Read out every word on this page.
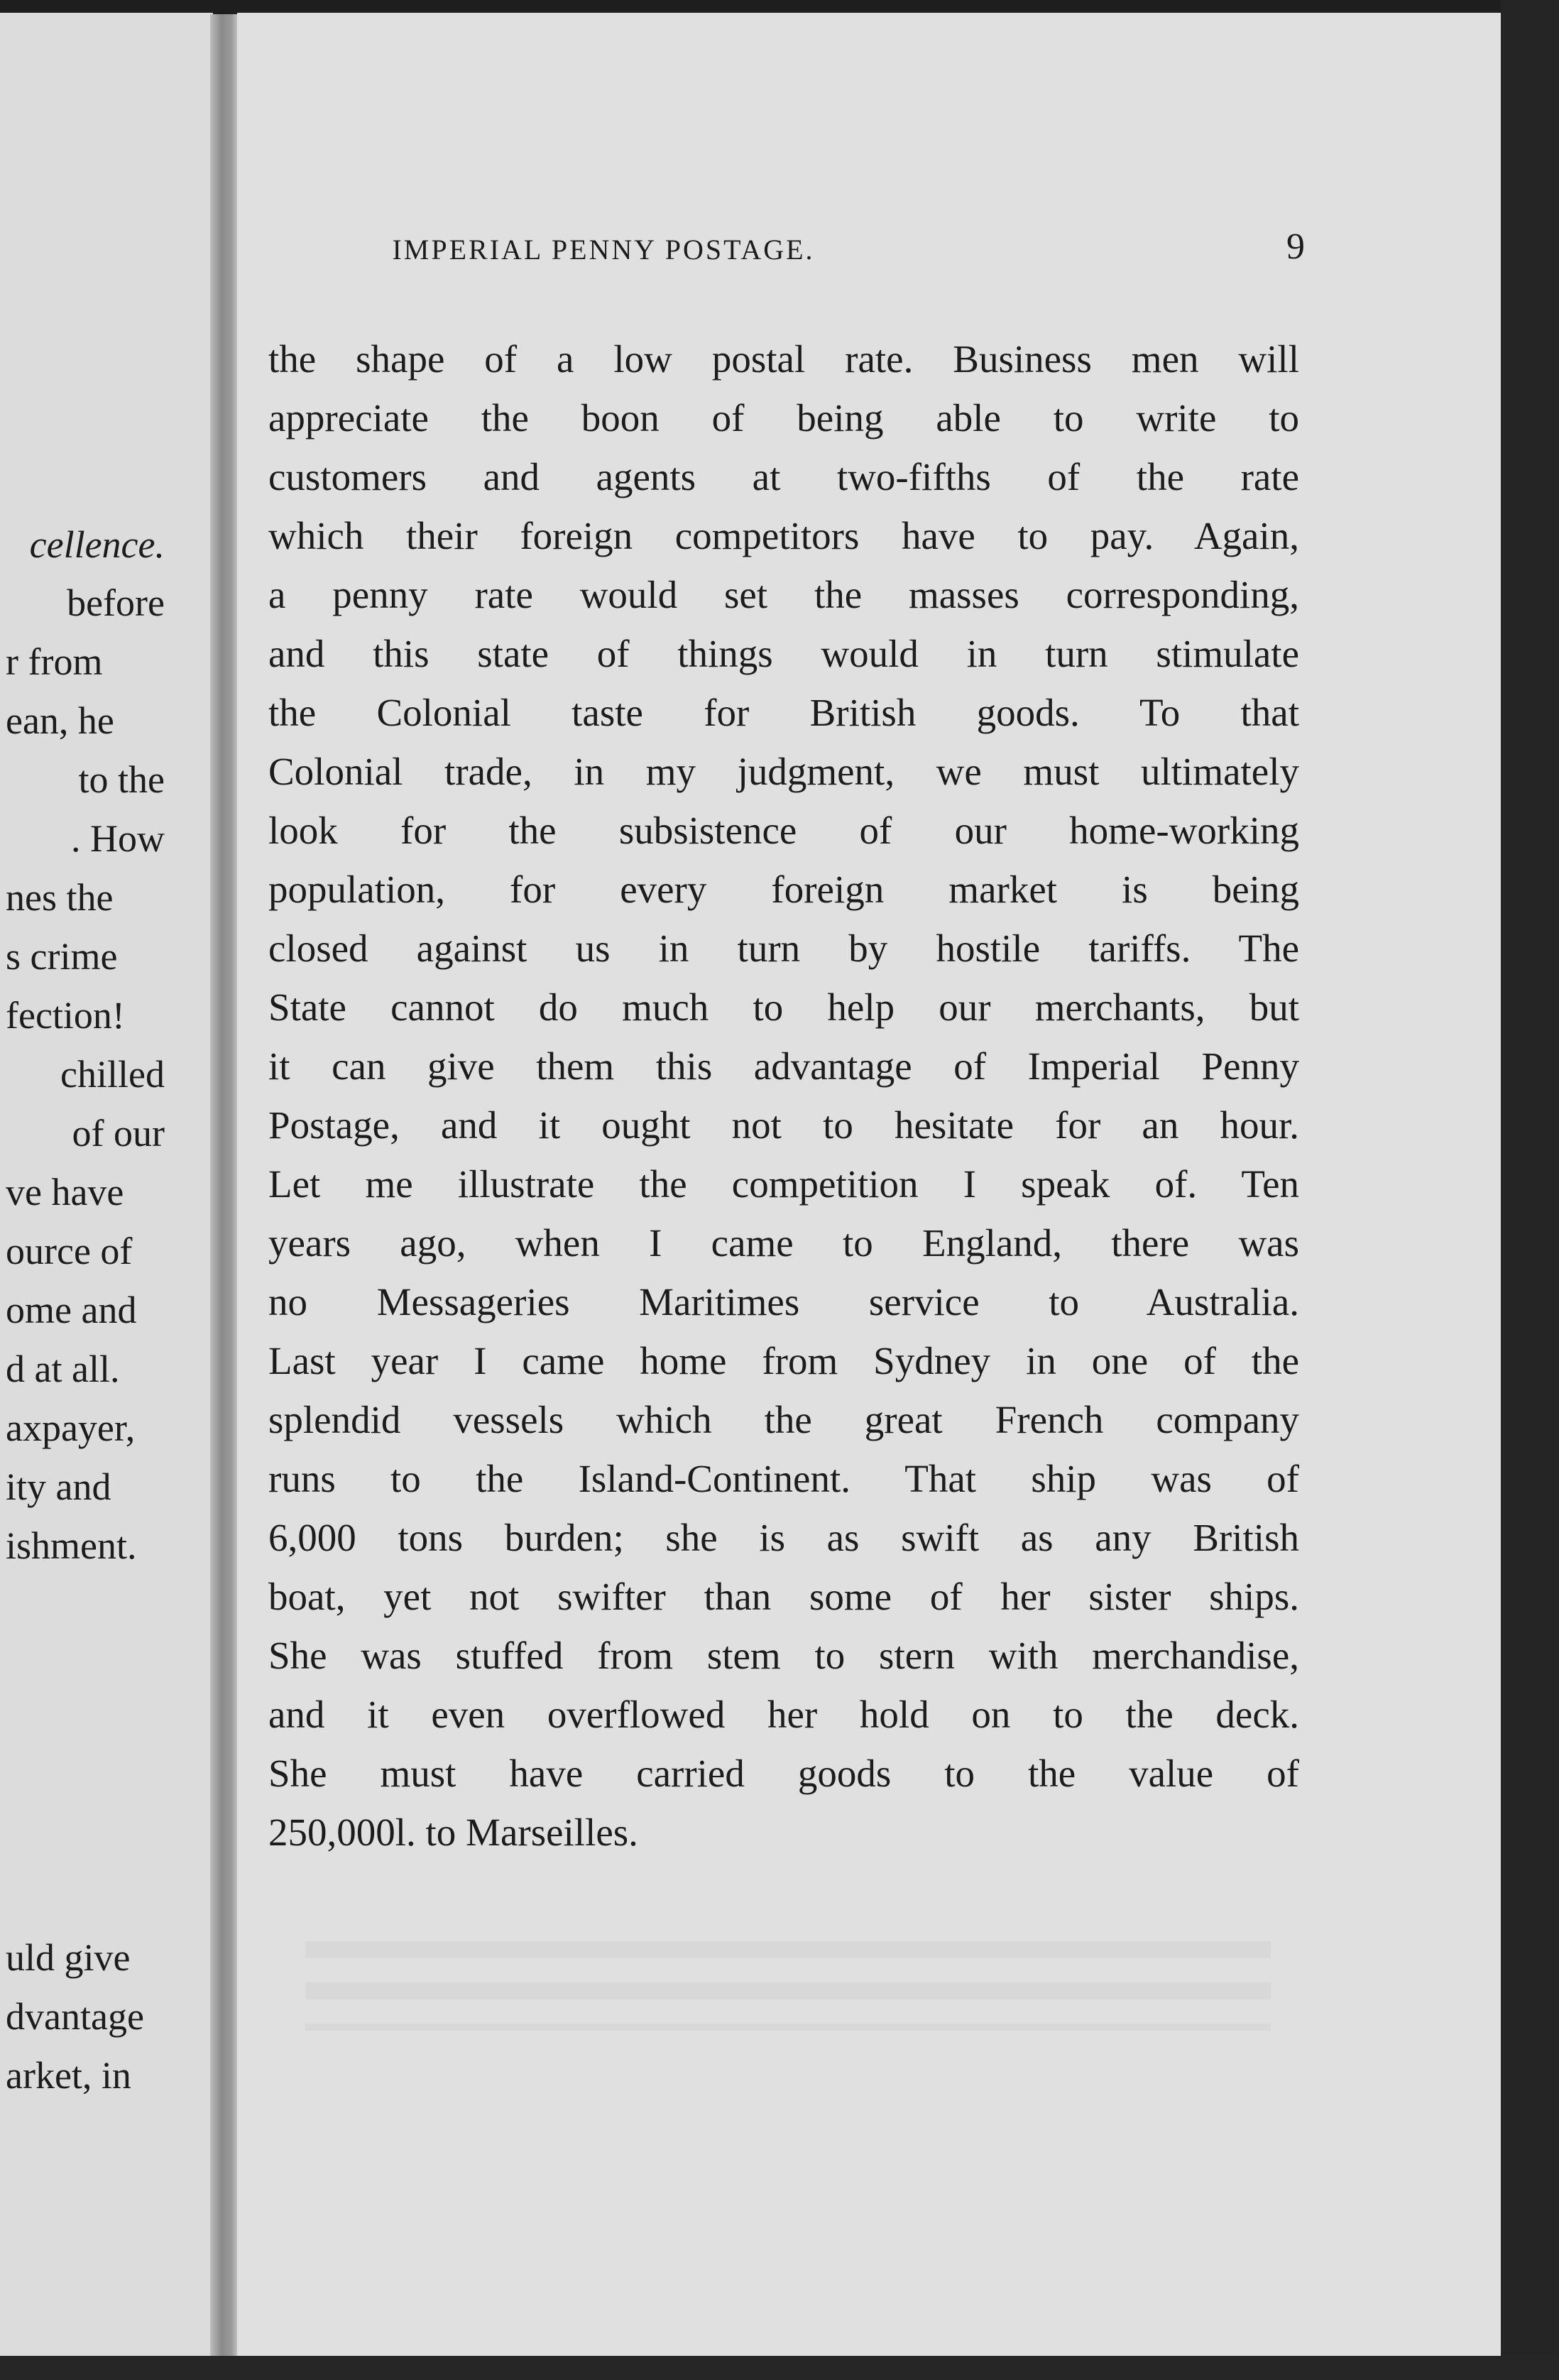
cellence.
before
r from
ean, he
to the
. How
nes the
s crime
fection!
chilled
of our
ve have
ource of
ome and
d at all.
axpayer,
ity and
ishment.
uld give
dvantage
arket, in
IMPERIAL PENNY POSTAGE.	9
the shape of a low postal rate. Business men will
appreciate the boon of being able to write to
customers and agents at two-fifths of the rate
which their foreign competitors have to pay. Again,
a penny rate would set the masses corresponding,
and this state of things would in turn stimulate
the Colonial taste for British goods. To that
Colonial trade, in my judgment, we must ultimately
look for the subsistence of our home-working
population, for every foreign market is being
closed against us in turn by hostile tariffs. The
State cannot do much to help our merchants, but
it can give them this advantage of Imperial Penny
Postage, and it ought not to hesitate for an hour.
Let me illustrate the competition I speak of. Ten
years ago, when I came to England, there was
no Messageries Maritimes service to Australia.
Last year I came home from Sydney in one of the
splendid vessels which the great French company
runs to the Island-Continent. That ship was of
6,000 tons burden; she is as swift as any British
boat, yet not swifter than some of her sister ships.
She was stuffed from stem to stern with merchandise,
and it even overflowed her hold on to the deck.
She must have carried goods to the value of
250,000l. to Marseilles.
